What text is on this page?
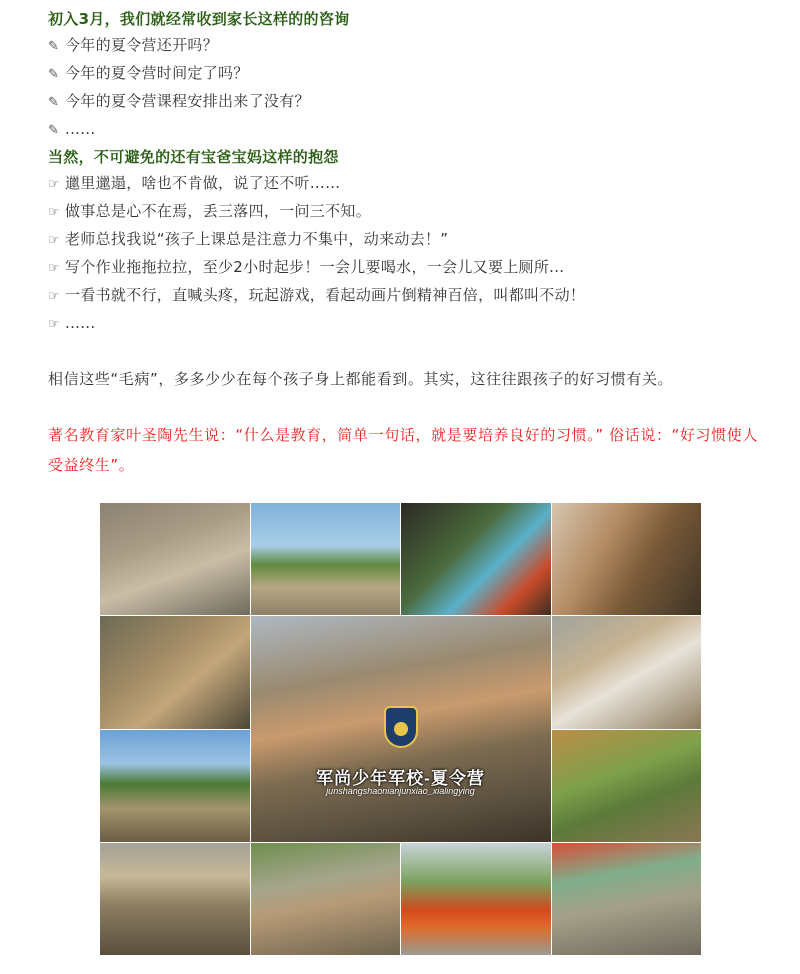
初入3月，我们就经常收到家长这样的的咨询
✎ 今年的夏令营还开吗？
✎ 今年的夏令营时间定了吗？
✎ 今年的夏令营课程安排出来了没有？
✎ ......
当然，不可避免的还有宝爸宝妈这样的抱怨
☞ 邋里邋遢，啥也不肯做，说了还不听……
☞ 做事总是心不在焉，丢三落四，一问三不知。
☞ 老师总找我说“孩子上课总是注意力不集中，动来动去！”
☞ 写个作业拖拖拉拉，至少2小时起步！一会儿要喝水，一会儿又要上厕所...
☞ 一看书就不行，直喊头疼，玩起游戏，看起动画片倒精神百倍，叫都叫不动！
☞ ......
相信这些“毛病”，多多少少在每个孩子身上都能看到。其实，这往往跟孩子的好习惯有关。
著名教育家叶圣陶先生说：“什么是教育，简单一句话，就是要培养良好的习惯。” 俗话说：“好习惯使人受益终生”。
军尚少年军校-夏令营
junshangshaonianjunxiao_xialingying
